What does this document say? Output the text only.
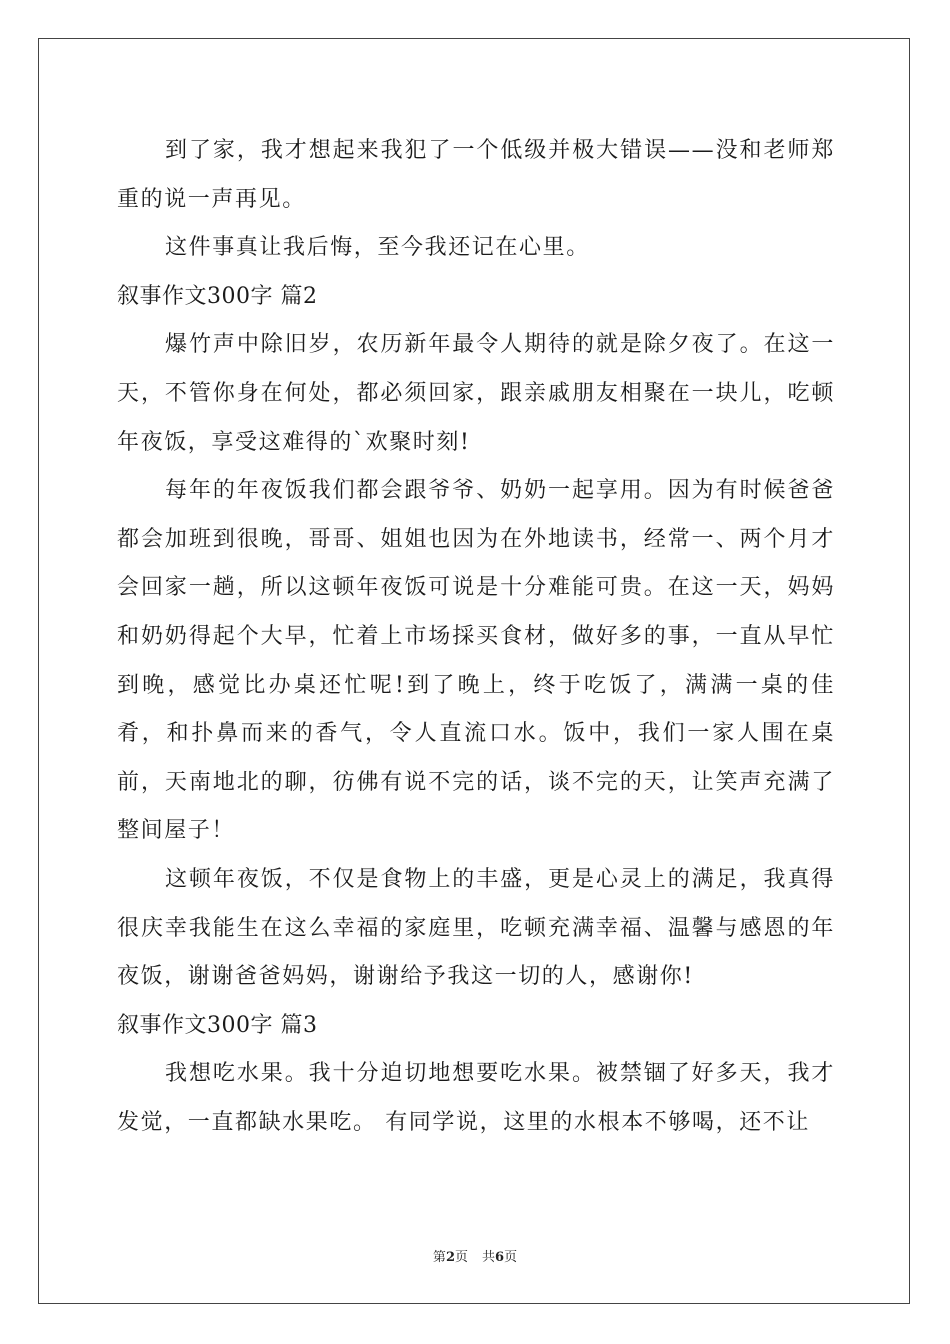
到了家，我才想起来我犯了一个低级并极大错误——没和老师郑重的说一声再见。

这件事真让我后悔，至今我还记在心里。

叙事作文300字 篇2

爆竹声中除旧岁，农历新年最令人期待的就是除夕夜了。在这一天，不管你身在何处，都必须回家，跟亲戚朋友相聚在一块儿，吃顿年夜饭，享受这难得的`欢聚时刻!

每年的年夜饭我们都会跟爷爷、奶奶一起享用。因为有时候爸爸都会加班到很晚，哥哥、姐姐也因为在外地读书，经常一、两个月才会回家一趟，所以这顿年夜饭可说是十分难能可贵。在这一天，妈妈和奶奶得起个大早，忙着上市场採买食材，做好多的事，一直从早忙到晚，感觉比办桌还忙呢!到了晚上，终于吃饭了，满满一桌的佳肴，和扑鼻而来的香气，令人直流口水。饭中，我们一家人围在桌前，天南地北的聊，彷佛有说不完的话，谈不完的天，让笑声充满了整间屋子！

这顿年夜饭，不仅是食物上的丰盛，更是心灵上的满足，我真得很庆幸我能生在这么幸福的家庭里，吃顿充满幸福、温馨与感恩的年夜饭，谢谢爸爸妈妈，谢谢给予我这一切的人，感谢你!

叙事作文300字 篇3

我想吃水果。我十分迫切地想要吃水果。被禁锢了好多天，我才发觉，一直都缺水果吃。 有同学说，这里的水根本不够喝，还不让

第2页 共6页
